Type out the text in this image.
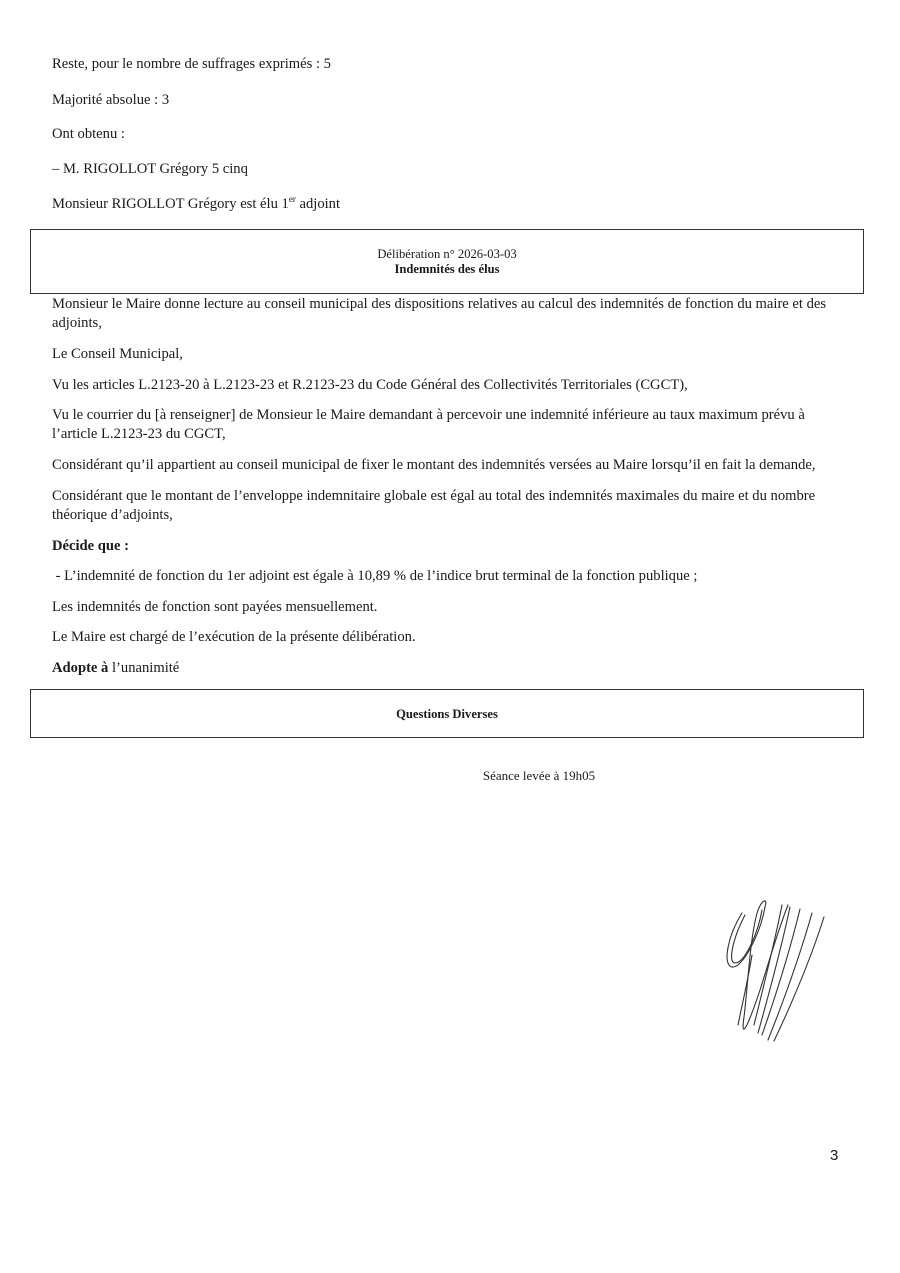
Reste, pour le nombre de suffrages exprimés : 5
Majorité absolue : 3
Ont obtenu :
– M. RIGOLLOT Grégory 5 cinq
Monsieur RIGOLLOT Grégory est élu 1er adjoint
Délibération n° 2026-03-03
Indemnités des élus
Monsieur le Maire donne lecture au conseil municipal des dispositions relatives au calcul des indemnités de fonction du maire et des adjoints,
Le Conseil Municipal,
Vu les articles L.2123-20 à L.2123-23 et R.2123-23 du Code Général des Collectivités Territoriales (CGCT),
Vu le courrier du [à renseigner] de Monsieur le Maire demandant à percevoir une indemnité inférieure au taux maximum prévu à l’article L.2123-23 du CGCT,
Considérant qu’il appartient au conseil municipal de fixer le montant des indemnités versées au Maire lorsqu’il en fait la demande,
Considérant que le montant de l’enveloppe indemnitaire globale est égal au total des indemnités maximales du maire et du nombre théorique d’adjoints,
Décide que :
- L’indemnité de fonction du 1er adjoint est égale à 10,89 % de l’indice brut terminal de la fonction publique ;
Les indemnités de fonction sont payées mensuellement.
Le Maire est chargé de l’exécution de la présente délibération.
Adopte à l’unanimité
Questions Diverses
Séance levée à 19h05
3
